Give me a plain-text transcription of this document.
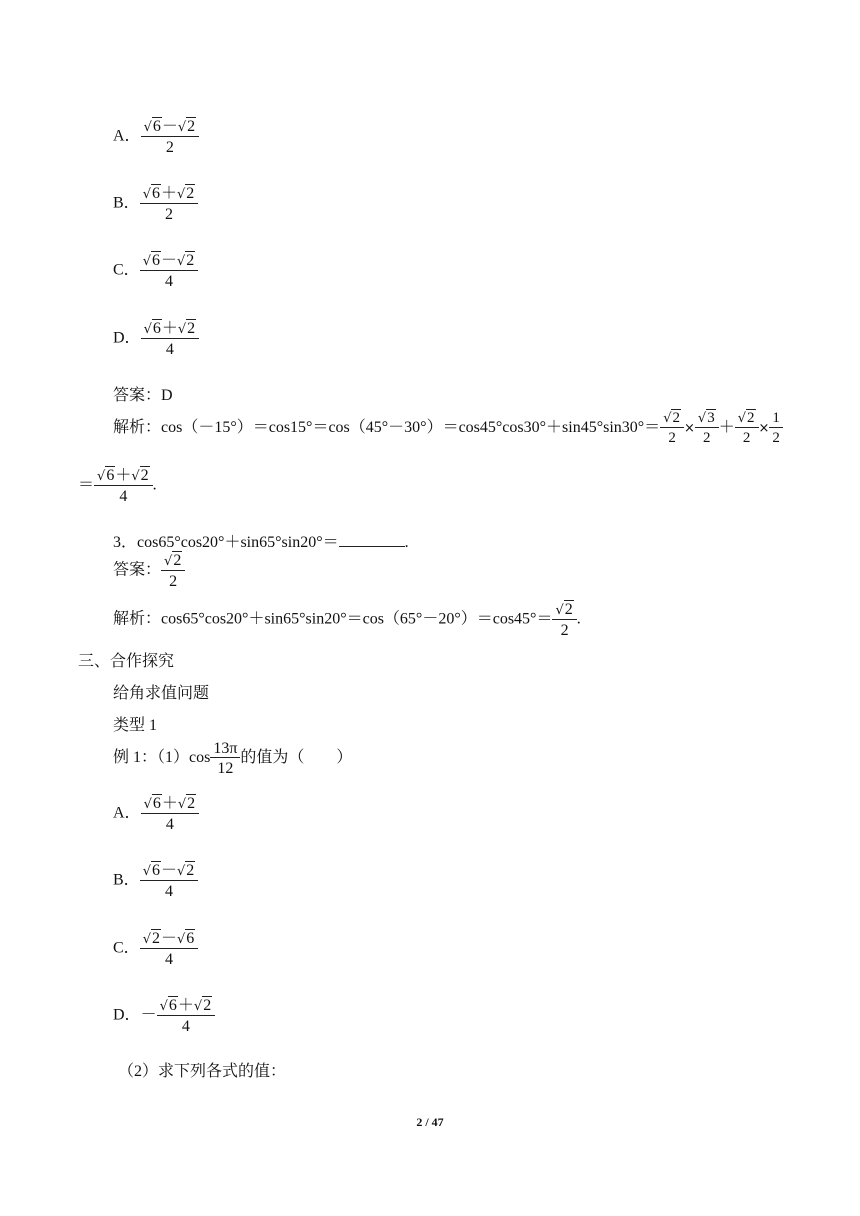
A． $\frac{√6-√2}{2}$
B． $\frac{√6+√2}{2}$
C． $\frac{√6-√2}{4}$
D． $\frac{√6+√2}{4}$
答案：D
解析：$\cos(-15^\circ)=\cos 15^\circ=\cos(45^\circ-30^\circ)=\cos 45^\circ\cos 30^\circ+\sin 45^\circ\sin 30^\circ= \frac{√2}{2} \times \frac{√3}{2} + \frac{√2}{2} \times \frac{1}{2}$
＝ $\frac{√6+√2}{4}$ .
3．cos65°cos20°＋sin65°sin20°＝	.
答案： $\frac{√2}{2}$
解析：$\cos 65^\circ\cos 20^\circ+\sin 65^\circ\sin 20^\circ=\cos(65^\circ-20^\circ)=\cos 45^\circ= \frac{√2}{2}$ .
三、合作探究
给角求值问题
类型 1
例 1：$(1)\cos \frac{13\pi}{12}$ 的值为（　　）
A． $\frac{√6+√2}{4}$
B． $\frac{√6-√2}{4}$
C． $\frac{√2-√6}{4}$
D．－ $\frac{√6+√2}{4}$
（2）求下列各式的值：
2 / 47
